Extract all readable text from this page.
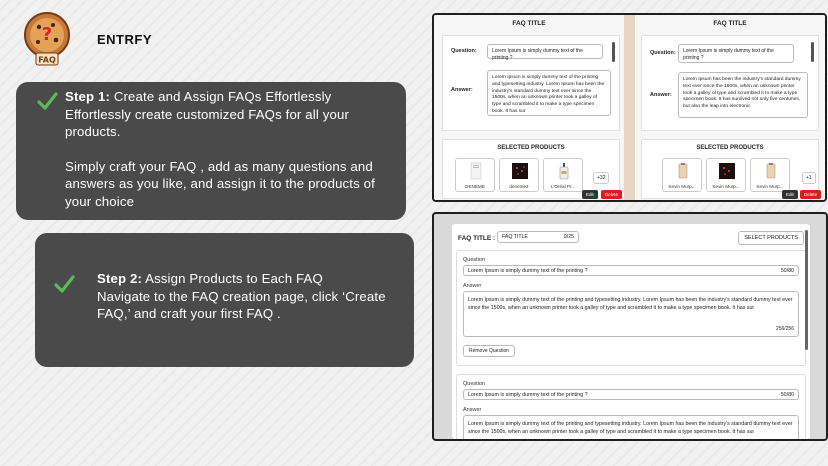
?
FAQ
ENTRFY
Step 1: Create and Assign FAQs Effortlessly
Effortlessly create customized FAQs for all your products.
Simply craft your FAQ , add as many questions and answers as you like, and assign it to the products of your choice
Step 2: Assign Products to Each FAQ
Navigate to the FAQ creation page, click ‘Create FAQ,’ and craft your first FAQ .
FAQ TITLE
Question:	Lorem Ipsum is simply dummy text of the printing ?
Answer:
Lorem Ipsum is simply dummy text of the printing and typesetting industry. Lorem Ipsum has been the industry's standard dummy text ever since the 1500s, when an unknown printer took a galley of type and scrambled it to make a type specimen book. It has sur
SELECTED PRODUCTS
DENEME	deneme2	L'Oréal Pr...
+32
Edit	Delete
FAQ TITLE
Question:	Lorem Ipsum is simply dummy text of the printing ?
Answer:
Lorem Ipsum has been the industry's standard dummy text ever since the 1500s, when an unknown printer took a galley of type and scrambled it to make a type specimen book. It has survived not only five centuries, but also the leap into electronic
SELECTED PRODUCTS
Kevin Murp...	Kevin Murp...	Kevin Murp...
+1
Edit	Delete
FAQ TITLE :	FAQ TITLE	9/25	SELECT PRODUCTS
Question
Lorem Ipsum is simply dummy text of the printing ?	50/80
Answer
Lorem Ipsum is simply dummy text of the printing and typesetting industry. Lorem Ipsum has been the industry's standard dummy text ever since the 1500s, when an unknown printer took a galley of type and scrambled it to make a type specimen book. It has sur
256/256
Remove Question
Question
Lorem Ipsum is simply dummy text of the printing ?	50/80
Answer
Lorem Ipsum is simply dummy text of the printing and typesetting industry. Lorem Ipsum has been the industry's standard dummy text ever since the 1500s, when an unknown printer took a galley of type and scrambled it to make a type specimen book. It has sur
